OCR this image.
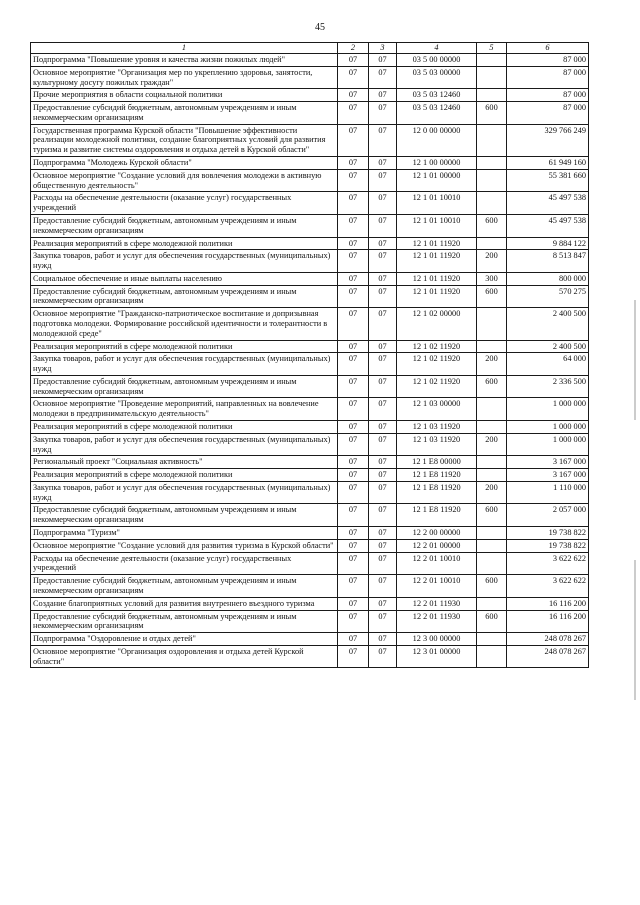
45
1	2	3	4	5	6
Подпрограмма "Повышение уровня и качества жизни пожилых людей"	07	07	03 5 00 00000		87 000
Основное мероприятие "Организация мер по укреплению здоровья, занятости, культурному досугу пожилых граждан"	07	07	03 5 03 00000		87 000
Прочие мероприятия в области социальной политики	07	07	03 5 03 12460		87 000
Предоставление субсидий бюджетным, автономным учреждениям и иным некоммерческим организациям	07	07	03 5 03 12460	600	87 000
Государственная программа Курской области "Повышение эффективности реализации молодежной политики, создание благоприятных условий для развития туризма и развитие системы оздоровления и отдыха детей в Курской области"	07	07	12 0 00 00000		329 766 249
Подпрограмма "Молодежь Курской области"	07	07	12 1 00 00000		61 949 160
Основное мероприятие "Создание условий для вовлечения молодежи в активную общественную деятельность"	07	07	12 1 01 00000		55 381 660
Расходы на обеспечение деятельности (оказание услуг) государственных учреждений	07	07	12 1 01 10010		45 497 538
Предоставление субсидий бюджетным, автономным учреждениям и иным некоммерческим организациям	07	07	12 1 01 10010	600	45 497 538
Реализация мероприятий в сфере молодежной политики	07	07	12 1 01 11920		9 884 122
Закупка товаров, работ и услуг для обеспечения государственных (муниципальных) нужд	07	07	12 1 01 11920	200	8 513 847
Социальное обеспечение и иные выплаты населению	07	07	12 1 01 11920	300	800 000
Предоставление субсидий бюджетным, автономным учреждениям и иным некоммерческим организациям	07	07	12 1 01 11920	600	570 275
Основное мероприятие "Гражданско-патриотическое воспитание и допризывная подготовка молодежи. Формирование российской идентичности и толерантности в молодежной среде"	07	07	12 1 02 00000		2 400 500
Реализация мероприятий в сфере молодежной политики	07	07	12 1 02 11920		2 400 500
Закупка товаров, работ и услуг для обеспечения государственных (муниципальных) нужд	07	07	12 1 02 11920	200	64 000
Предоставление субсидий бюджетным, автономным учреждениям и иным некоммерческим организациям	07	07	12 1 02 11920	600	2 336 500
Основное мероприятие "Проведение мероприятий, направленных на вовлечение молодежи в предпринимательскую деятельность"	07	07	12 1 03 00000		1 000 000
Реализация мероприятий в сфере молодежной политики	07	07	12 1 03 11920		1 000 000
Закупка товаров, работ и услуг для обеспечения государственных (муниципальных) нужд	07	07	12 1 03 11920	200	1 000 000
Региональный проект "Социальная активность"	07	07	12 1 E8 00000		3 167 000
Реализация мероприятий в сфере молодежной политики	07	07	12 1 E8 11920		3 167 000
Закупка товаров, работ и услуг для обеспечения государственных (муниципальных) нужд	07	07	12 1 E8 11920	200	1 110 000
Предоставление субсидий бюджетным, автономным учреждениям и иным некоммерческим организациям	07	07	12 1 E8 11920	600	2 057 000
Подпрограмма "Туризм"	07	07	12 2 00 00000		19 738 822
Основное мероприятие "Создание условий для развития туризма в Курской области"	07	07	12 2 01 00000		19 738 822
Расходы на обеспечение деятельности (оказание услуг) государственных учреждений	07	07	12 2 01 10010		3 622 622
Предоставление субсидий бюджетным, автономным учреждениям и иным некоммерческим организациям	07	07	12 2 01 10010	600	3 622 622
Создание благоприятных условий для развития внутреннего въездного туризма	07	07	12 2 01 11930		16 116 200
Предоставление субсидий бюджетным, автономным учреждениям и иным некоммерческим организациям	07	07	12 2 01 11930	600	16 116 200
Подпрограмма "Оздоровление и отдых детей"	07	07	12 3 00 00000		248 078 267
Основное мероприятие "Организация оздоровления и отдыха детей Курской области"	07	07	12 3 01 00000		248 078 267
